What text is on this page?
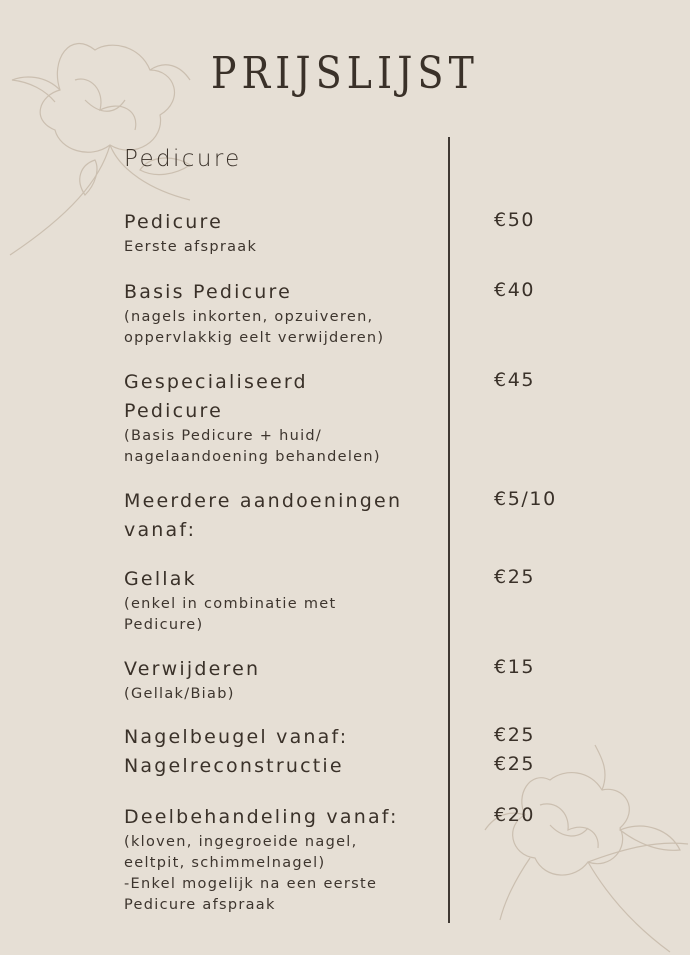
PRIJSLIJST
Pedicure
Pedicure
Eerste afspraak
€50
Basis Pedicure
(nagels inkorten, opzuiveren,
oppervlakkig eelt verwijderen)
€40
Gespecialiseerd
Pedicure
(Basis Pedicure + huid/
nagelaandoening behandelen)
€45
Meerdere aandoeningen
vanaf:
€5/10
Gellak
(enkel in combinatie met
Pedicure)
€25
Verwijderen
(Gellak/Biab)
€15
Nagelbeugel vanaf:
Nagelreconstructie
€25
€25
Deelbehandeling vanaf:
(kloven, ingegroeide nagel,
eeltpit, schimmelnagel)
-Enkel mogelijk na een eerste
Pedicure afspraak
€20
